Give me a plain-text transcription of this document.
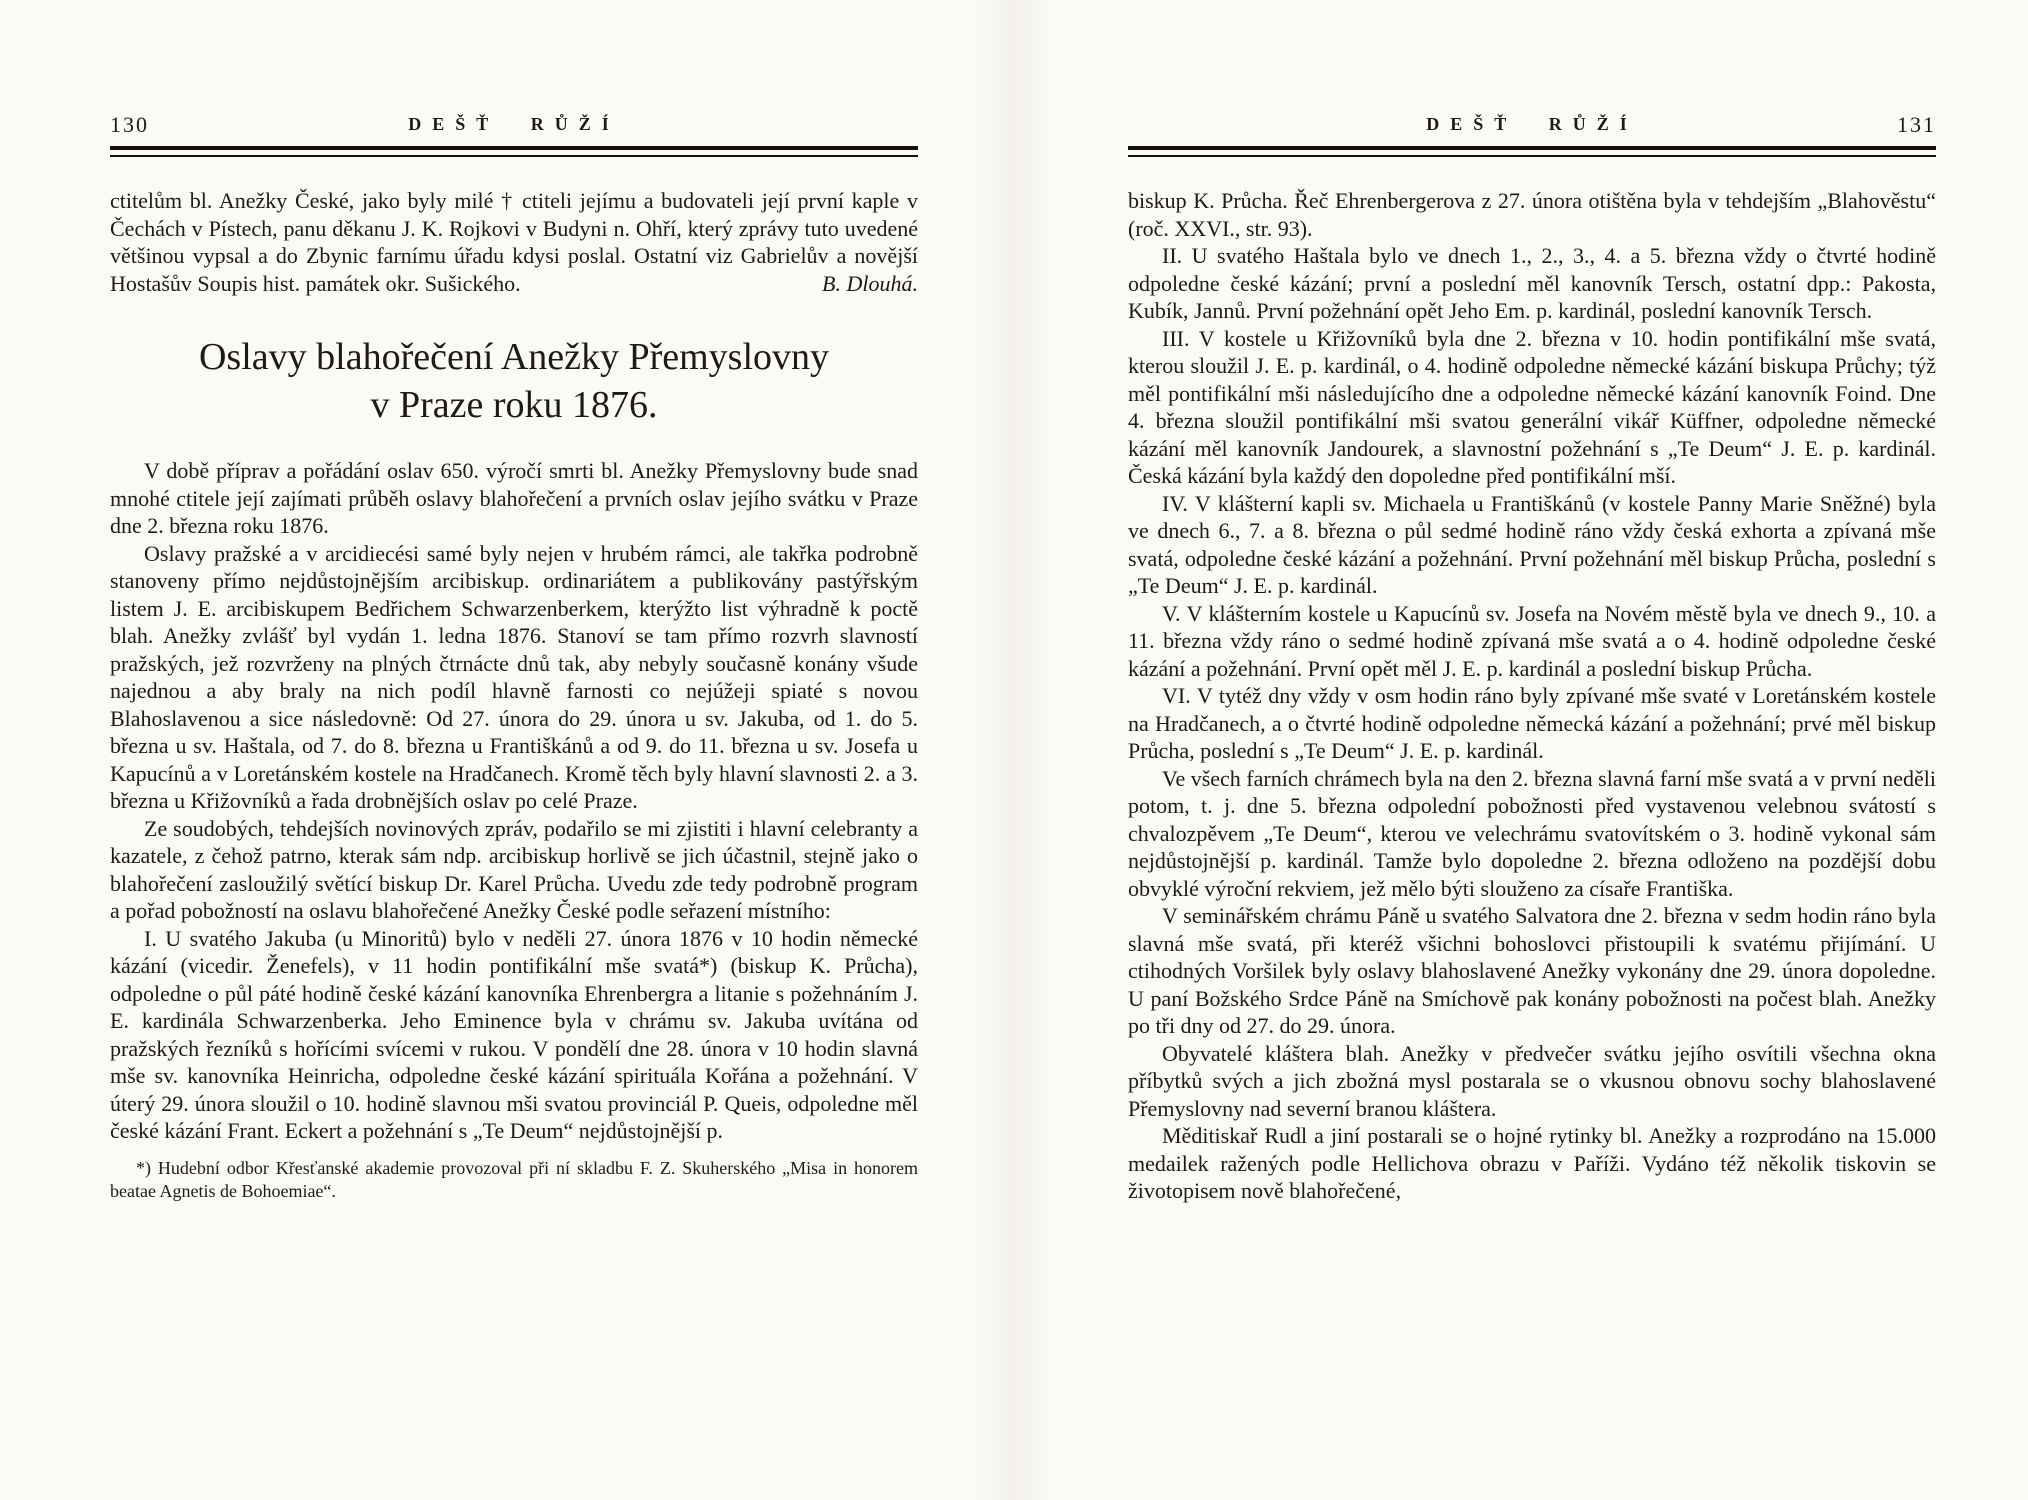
130	DEŠŤ RŮŽÍ

ctitelům bl. Anežky České, jako byly milé † ctiteli jejímu a budovateli její první kaple v Čechách v Pístech, panu děkanu J. K. Rojkovi v Budyni n. Ohří, který zprávy tuto uvedené většinou vypsal a do Zbynic farnímu úřadu kdysi poslal. Ostatní viz Gabrielův a novější Hostašův Soupis hist. památek okr. Sušického.	B. Dlouhá.

Oslavy blahořečení Anežky Přemyslovny
v Praze roku 1876.

V době příprav a pořádání oslav 650. výročí smrti bl. Anežky Přemyslovny bude snad mnohé ctitele její zajímati průběh oslavy blahořečení a prvních oslav jejího svátku v Praze dne 2. března roku 1876.

Oslavy pražské a v arcidiecési samé byly nejen v hrubém rámci, ale takřka podrobně stanoveny přímo nejdůstojnějším arcibiskup. ordinariátem a publikovány pastýřským listem J. E. arcibiskupem Bedřichem Schwarzenberkem, kterýžto list výhradně k poctě blah. Anežky zvlášť byl vydán 1. ledna 1876. Stanoví se tam přímo rozvrh slavností pražských, jež rozvrženy na plných čtrnácte dnů tak, aby nebyly současně konány všude najednou a aby braly na nich podíl hlavně farnosti co nejúžeji spiaté s novou Blahoslavenou a sice následovně: Od 27. února do 29. února u sv. Jakuba, od 1. do 5. března u sv. Haštala, od 7. do 8. března u Františkánů a od 9. do 11. března u sv. Josefa u Kapucínů a v Loretánském kostele na Hradčanech. Kromě těch byly hlavní slavnosti 2. a 3. března u Křižovníků a řada drobnějších oslav po celé Praze.

Ze soudobých, tehdejších novinových zpráv, podařilo se mi zjistiti i hlavní celebranty a kazatele, z čehož patrno, kterak sám ndp. arcibiskup horlivě se jich účastnil, stejně jako o blahořečení zasloužilý světící biskup Dr. Karel Průcha. Uvedu zde tedy podrobně program a pořad pobožností na oslavu blahořečené Anežky České podle seřazení místního:

I. U svatého Jakuba (u Minoritů) bylo v neděli 27. února 1876 v 10 hodin německé kázání (vicedir. Ženefels), v 11 hodin pontifikální mše svatá*) (biskup K. Průcha), odpoledne o půl páté hodině české kázání kanovníka Ehrenbergra a litanie s požehnáním J. E. kardinála Schwarzenberka. Jeho Eminence byla v chrámu sv. Jakuba uvítána od pražských řezníků s hořícími svícemi v rukou. V pondělí dne 28. února v 10 hodin slavná mše sv. kanovníka Heinricha, odpoledne české kázání spirituála Kořána a požehnání. V úterý 29. února sloužil o 10. hodině slavnou mši svatou provinciál P. Queis, odpoledne měl české kázání Frant. Eckert a požehnání s „Te Deum“ nejdůstojnější p.

*) Hudební odbor Křesťanské akademie provozoval při ní skladbu F. Z. Skuherského „Misa in honorem beatae Agnetis de Bohoemiae“.

DEŠŤ RŮŽÍ	131

biskup K. Průcha. Řeč Ehrenbergerova z 27. února otištěna byla v tehdejším „Blahověstu“ (roč. XXVI., str. 93).

II. U svatého Haštala bylo ve dnech 1., 2., 3., 4. a 5. března vždy o čtvrté hodině odpoledne české kázání; první a poslední měl kanovník Tersch, ostatní dpp.: Pakosta, Kubík, Jannů. První požehnání opět Jeho Em. p. kardinál, poslední kanovník Tersch.

III. V kostele u Křižovníků byla dne 2. března v 10. hodin pontifikální mše svatá, kterou sloužil J. E. p. kardinál, o 4. hodině odpoledne německé kázání biskupa Průchy; týž měl pontifikální mši následujícího dne a odpoledne německé kázání kanovník Foind. Dne 4. března sloužil pontifikální mši svatou generální vikář Küffner, odpoledne německé kázání měl kanovník Jandourek, a slavnostní požehnání s „Te Deum“ J. E. p. kardinál. Česká kázání byla každý den dopoledne před pontifikální mší.

IV. V klášterní kapli sv. Michaela u Františkánů (v kostele Panny Marie Sněžné) byla ve dnech 6., 7. a 8. března o půl sedmé hodině ráno vždy česká exhorta a zpívaná mše svatá, odpoledne české kázání a požehnání. První požehnání měl biskup Průcha, poslední s „Te Deum“ J. E. p. kardinál.

V. V klášterním kostele u Kapucínů sv. Josefa na Novém městě byla ve dnech 9., 10. a 11. března vždy ráno o sedmé hodině zpívaná mše svatá a o 4. hodině odpoledne české kázání a požehnání. První opět měl J. E. p. kardinál a poslední biskup Průcha.

VI. V tytéž dny vždy v osm hodin ráno byly zpívané mše svaté v Loretánském kostele na Hradčanech, a o čtvrté hodině odpoledne německá kázání a požehnání; prvé měl biskup Průcha, poslední s „Te Deum“ J. E. p. kardinál.

Ve všech farních chrámech byla na den 2. března slavná farní mše svatá a v první neděli potom, t. j. dne 5. března odpolední pobožnosti před vystavenou velebnou svátostí s chvalozpěvem „Te Deum“, kterou ve velechrámu svatovítském o 3. hodině vykonal sám nejdůstojnější p. kardinál. Tamže bylo dopoledne 2. března odloženo na pozdější dobu obvyklé výroční rekviem, jež mělo býti slouženo za císaře Františka.

V seminářském chrámu Páně u svatého Salvatora dne 2. března v sedm hodin ráno byla slavná mše svatá, při kteréž všichni bohoslovci přistoupili k svatému přijímání. U ctihodných Voršilek byly oslavy blahoslavené Anežky vykonány dne 29. února dopoledne. U paní Božského Srdce Páně na Smíchově pak konány pobožnosti na počest blah. Anežky po tři dny od 27. do 29. února.

Obyvatelé kláštera blah. Anežky v předvečer svátku jejího osvítili všechna okna příbytků svých a jich zbožná mysl postarala se o vkusnou obnovu sochy blahoslavené Přemyslovny nad severní branou kláštera.

Měditiskař Rudl a jiní postarali se o hojné rytinky bl. Anežky a rozprodáno na 15.000 medailek ražených podle Hellichova obrazu v Paříži. Vydáno též několik tiskovin se životopisem nově blahořečené,
